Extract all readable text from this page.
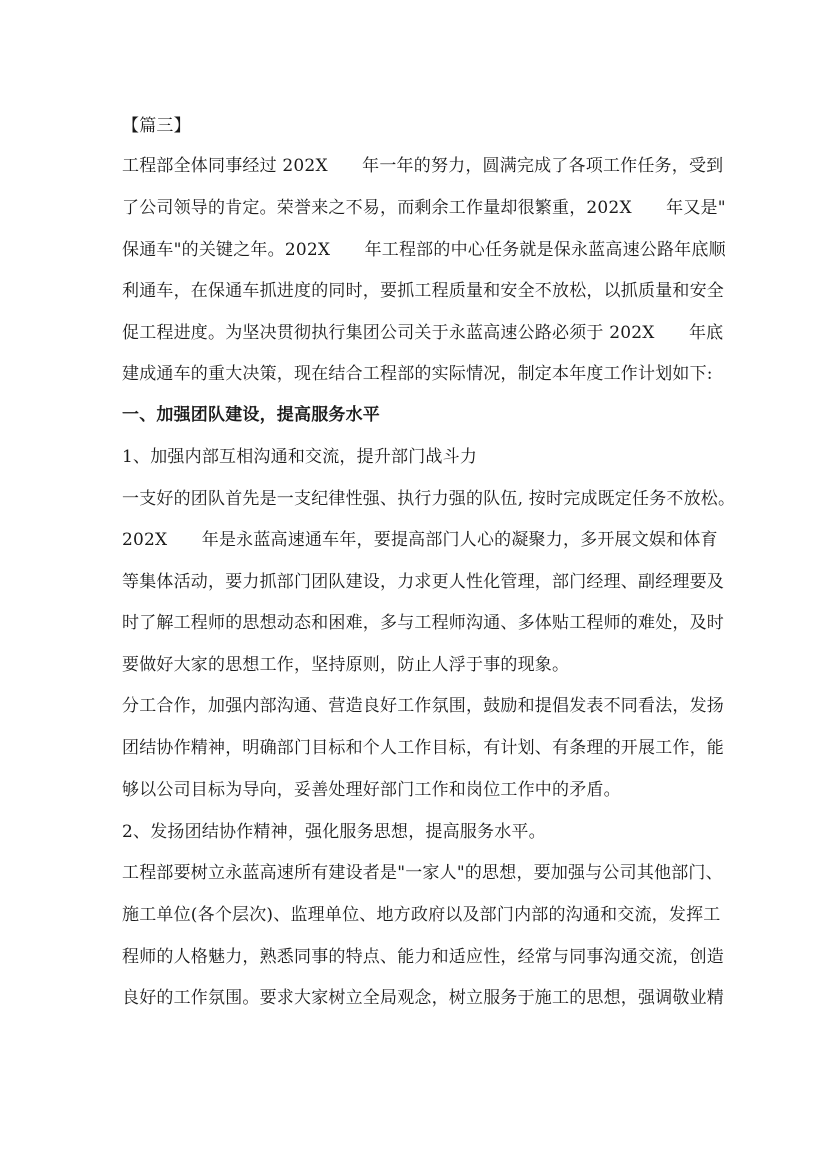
【篇三】
工程部全体同事经过 202X　　年一年的努力，圆满完成了各项工作任务，受到
了公司领导的肯定。荣誉来之不易，而剩余工作量却很繁重，202X　　年又是"
保通车"的关键之年。202X　　年工程部的中心任务就是保永蓝高速公路年底顺
利通车，在保通车抓进度的同时，要抓工程质量和安全不放松，以抓质量和安全
促工程进度。为坚决贯彻执行集团公司关于永蓝高速公路必须于 202X　　年底
建成通车的重大决策，现在结合工程部的实际情况，制定本年度工作计划如下:
一、加强团队建设，提高服务水平
1、加强内部互相沟通和交流，提升部门战斗力
一支好的团队首先是一支纪律性强、执行力强的队伍, 按时完成既定任务不放松。
202X　　年是永蓝高速通车年，要提高部门人心的凝聚力，多开展文娱和体育
等集体活动，要力抓部门团队建设，力求更人性化管理，部门经理、副经理要及
时了解工程师的思想动态和困难，多与工程师沟通、多体贴工程师的难处，及时
要做好大家的思想工作，坚持原则，防止人浮于事的现象。
分工合作，加强内部沟通、营造良好工作氛围，鼓励和提倡发表不同看法，发扬
团结协作精神，明确部门目标和个人工作目标，有计划、有条理的开展工作，能
够以公司目标为导向，妥善处理好部门工作和岗位工作中的矛盾。
2、发扬团结协作精神，强化服务思想，提高服务水平。
工程部要树立永蓝高速所有建设者是"一家人"的思想，要加强与公司其他部门、
施工单位(各个层次)、监理单位、地方政府以及部门内部的沟通和交流，发挥工
程师的人格魅力，熟悉同事的特点、能力和适应性，经常与同事沟通交流，创造
良好的工作氛围。要求大家树立全局观念，树立服务于施工的思想，强调敬业精
